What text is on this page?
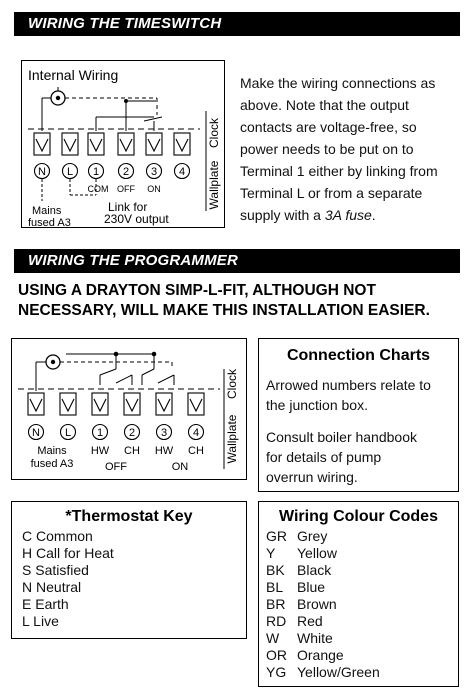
WIRING THE TIMESWITCH
Internal Wiring
N L 1 2 3 4
COM OFF ON
Mains
fused A3
Link for
230V output
Clock
Wallplate
Make the wiring connections as
above. Note that the output
contacts are voltage-free, so
power needs to be put on to
Terminal 1 either by linking from
Terminal L or from a separate
supply with a 3A fuse.
WIRING THE PROGRAMMER
USING A DRAYTON SIMP-L-FIT, ALTHOUGH NOT
NECESSARY, WILL MAKE THIS INSTALLATION EASIER.
N L 1 2 3 4
Mains
fused A3
HW CH HW CH
OFF	ON
Clock
Wallplate
Connection Charts
Arrowed numbers relate to
the junction box.
Consult boiler handbook
for details of pump
overrun wiring.
*Thermostat Key
C Common
H Call for Heat
S Satisfied
N Neutral
E Earth
L Live
Wiring Colour Codes
GR Grey
Y Yellow
BK Black
BL Blue
BR Brown
RD Red
W White
OR Orange
YG Yellow/Green
